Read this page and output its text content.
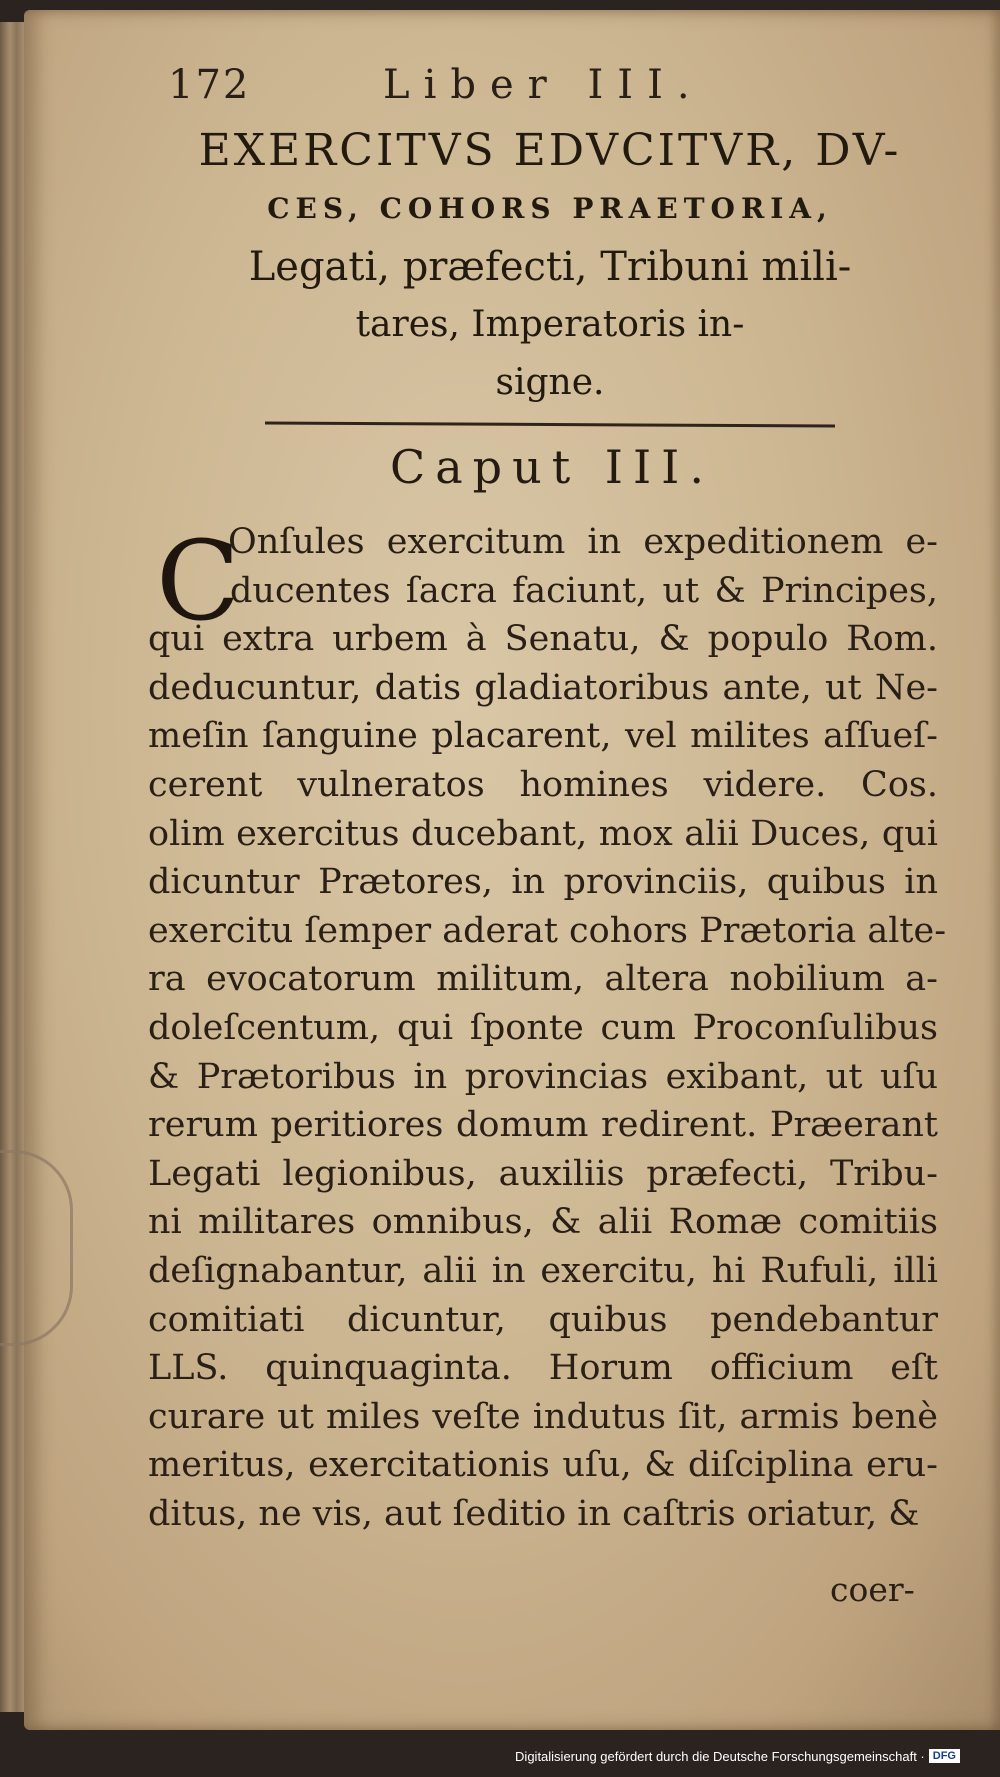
172	Liber III.
EXERCITVS EDVCITVR, DV-
CES, COHORS PRAETORIA,
Legati, præfecti, Tribuni mili-
tares, Imperatoris in-
signe.
Caput III.
C
Onſules exercitum in expeditionem e-
ducentes ſacra faciunt, ut & Principes,
qui extra urbem à Senatu, & populo Rom.
deducuntur, datis gladiatoribus ante, ut Ne-
meſin ſanguine placarent, vel milites aſſueſ-
cerent vulneratos homines videre. Cos.
olim exercitus ducebant, mox alii Duces, qui
dicuntur Prætores, in provinciis, quibus in
exercitu ſemper aderat cohors Prætoria alte-
ra evocatorum militum, altera nobilium a-
doleſcentum, qui ſponte cum Proconſulibus
& Prætoribus in provincias exibant, ut uſu
rerum peritiores domum redirent. Præerant
Legati legionibus, auxiliis præfecti, Tribu-
ni militares omnibus, & alii Romæ comitiis
deſignabantur, alii in exercitu, hi Rufuli, illi
comitiati dicuntur, quibus pendebantur
LLS. quinquaginta. Horum officium eſt
curare ut miles veſte indutus ſit, armis benè
meritus, exercitationis uſu, & diſciplina eru-
ditus, ne vis, aut ſeditio in caſtris oriatur, &
coer-
Digitalisierung gefördert durch die Deutsche Forschungsgemeinschaft · DFG
